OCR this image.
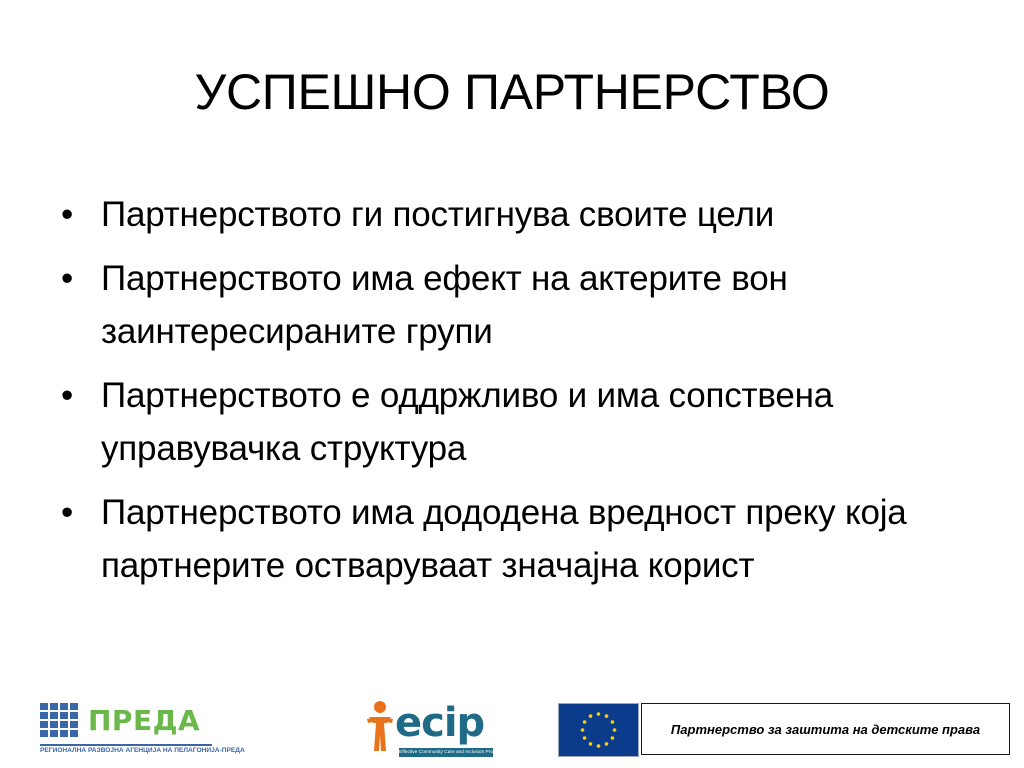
УСПЕШНО ПАРТНЕРСТВО
• Партнерството ги постигнува своите цели
• Партнерството има ефект на актерите вон заинтересираните групи
• Партнерството е оддржливо и има сопствена управувачка структура
• Партнерството има дододена вредност преку која партнерите остваруваат значајна корист
ПРЕДА
РЕГИОНАЛНА РАЗВОЈНА АГЕНЦИЈА НА ПЕЛАГОНИЈА-ПРЕДА
ecip
Effective Community Care and Inclusion Programs
Партнерство за заштита на детските права
